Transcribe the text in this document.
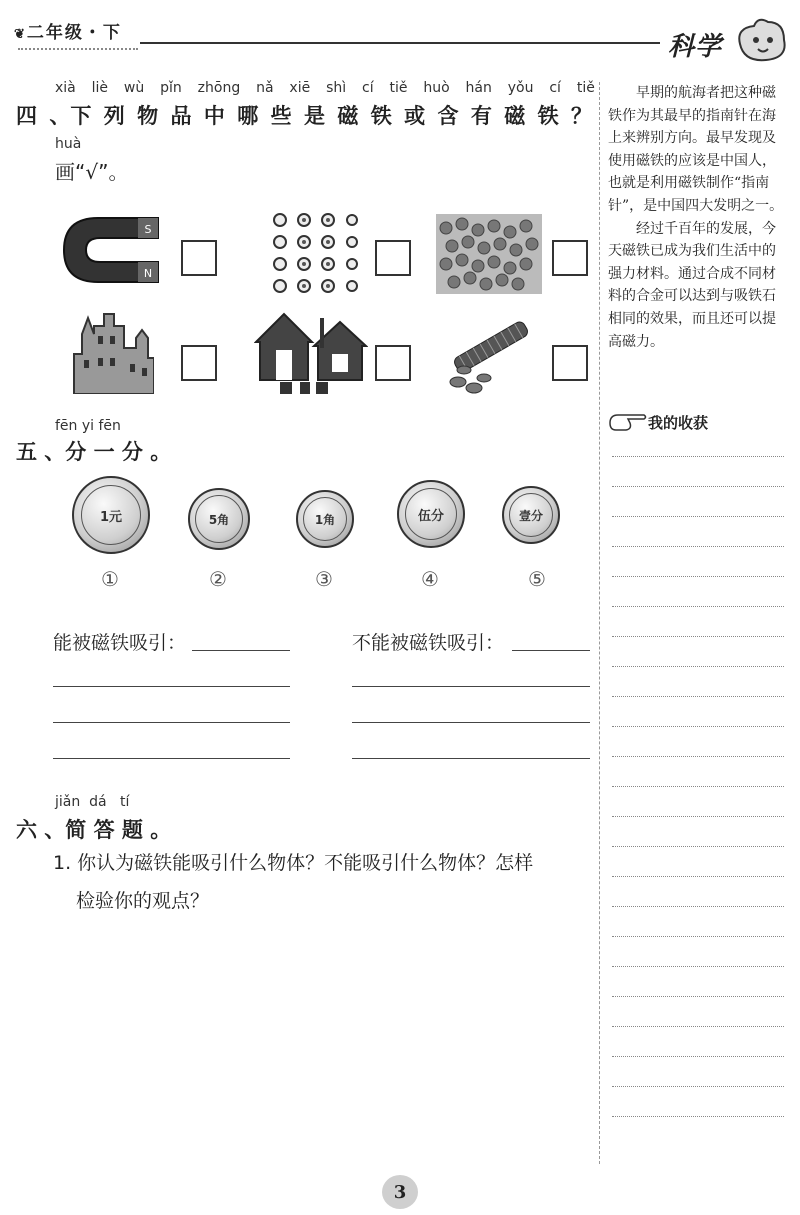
❦二年级・下	科学
xià liè wù pǐn zhōng nǎ xiē shì cí tiě huò hán yǒu cí tiě
四 、下 列 物 品 中 哪 些 是 磁 铁 或 含 有 磁 铁 ？
huà
画“√”。
S
N
fēn yi fēn
五 、分 一 分 。
1元	5角	1角	伍分	壹分
①	②	③	④	⑤
能被磁铁吸引：	不能被磁铁吸引：
jiǎn  dá   tí
六 、简 答 题 。
1. 你认为磁铁能吸引什么物体？不能吸引什么物体？怎样
检验你的观点？

早期的航海者把这种磁铁作为其最早的指南针在海上来辨别方向。最早发现及使用磁铁的应该是中国人，也就是利用磁铁制作“指南针”，是中国四大发明之一。

经过千百年的发展，今天磁铁已成为我们生活中的强力材料。通过合成不同材料的合金可以达到与吸铁石相同的效果，而且还可以提高磁力。

我的收获
3
